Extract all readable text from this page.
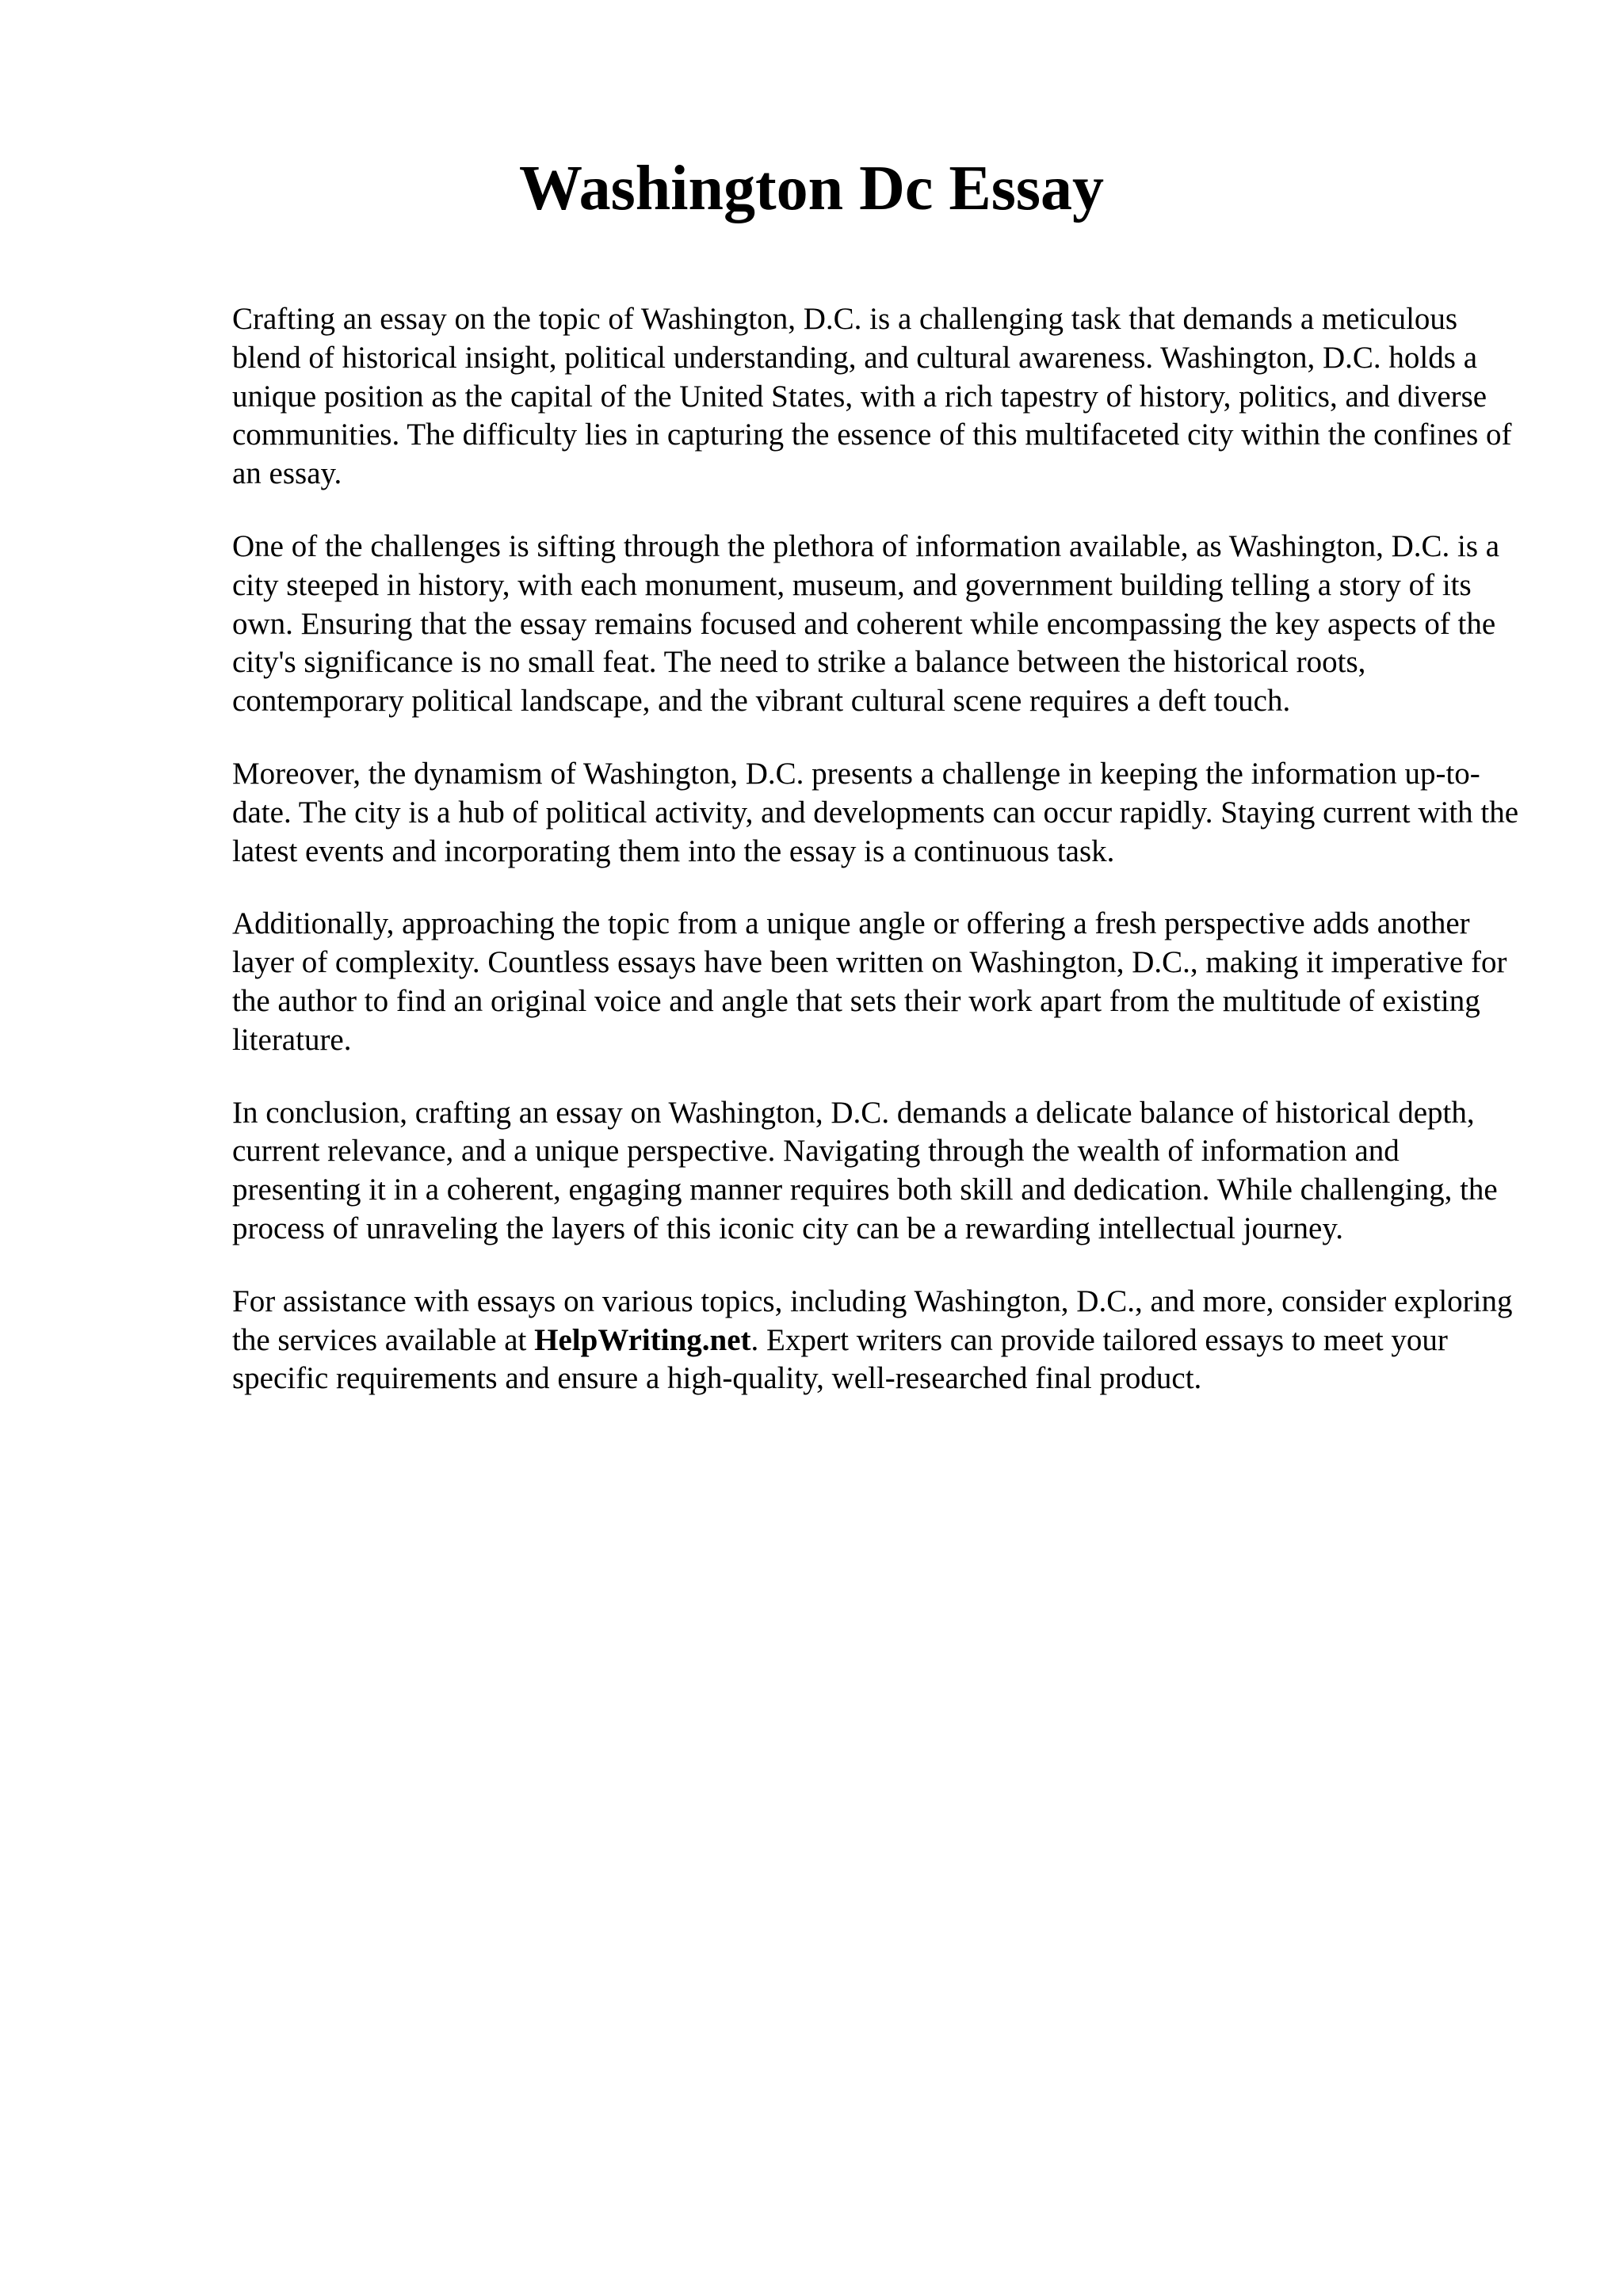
Washington Dc Essay

Crafting an essay on the topic of Washington, D.C. is a challenging task that demands a meticulous blend of historical insight, political understanding, and cultural awareness. Washington, D.C. holds a unique position as the capital of the United States, with a rich tapestry of history, politics, and diverse communities. The difficulty lies in capturing the essence of this multifaceted city within the confines of an essay.

One of the challenges is sifting through the plethora of information available, as Washington, D.C. is a city steeped in history, with each monument, museum, and government building telling a story of its own. Ensuring that the essay remains focused and coherent while encompassing the key aspects of the city's significance is no small feat. The need to strike a balance between the historical roots, contemporary political landscape, and the vibrant cultural scene requires a deft touch.

Moreover, the dynamism of Washington, D.C. presents a challenge in keeping the information up-to-date. The city is a hub of political activity, and developments can occur rapidly. Staying current with the latest events and incorporating them into the essay is a continuous task.

Additionally, approaching the topic from a unique angle or offering a fresh perspective adds another layer of complexity. Countless essays have been written on Washington, D.C., making it imperative for the author to find an original voice and angle that sets their work apart from the multitude of existing literature.

In conclusion, crafting an essay on Washington, D.C. demands a delicate balance of historical depth, current relevance, and a unique perspective. Navigating through the wealth of information and presenting it in a coherent, engaging manner requires both skill and dedication. While challenging, the process of unraveling the layers of this iconic city can be a rewarding intellectual journey.

For assistance with essays on various topics, including Washington, D.C., and more, consider exploring the services available at HelpWriting.net. Expert writers can provide tailored essays to meet your specific requirements and ensure a high-quality, well-researched final product.
